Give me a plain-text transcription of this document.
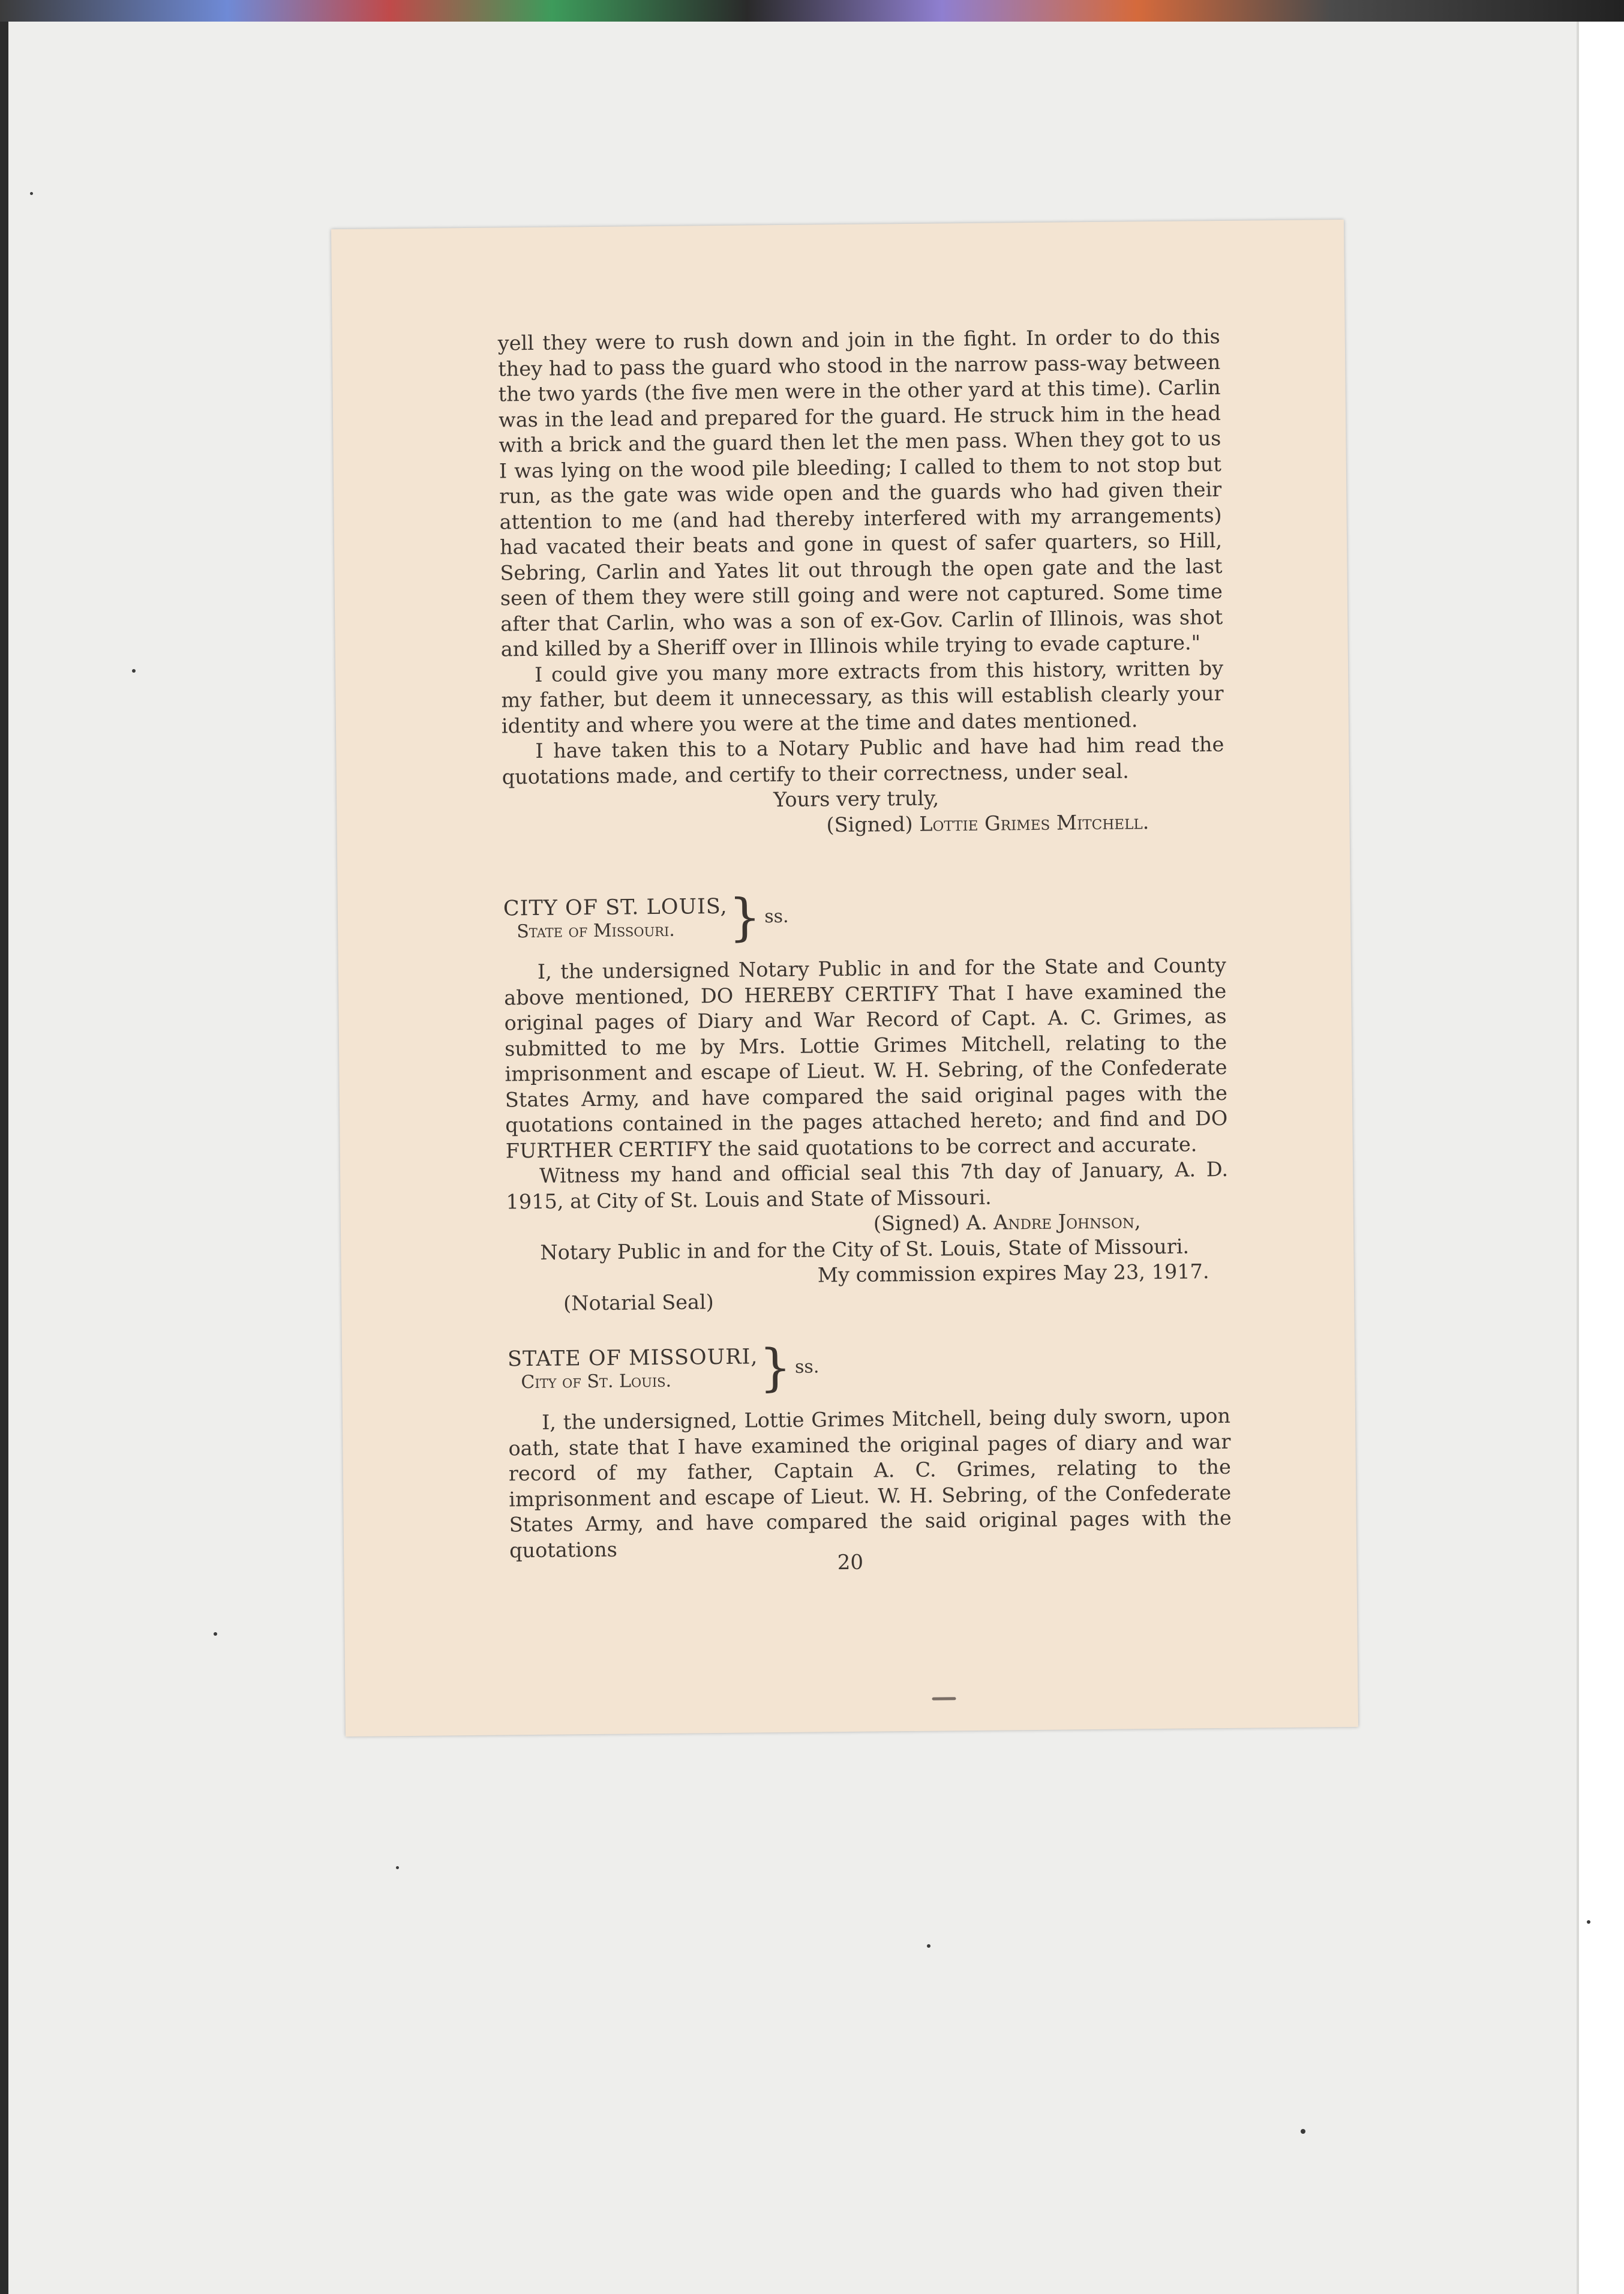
yell they were to rush down and join in the fight. In order to do this they had to pass the guard who stood in the narrow pass-way between the two yards (the five men were in the other yard at this time). Carlin was in the lead and prepared for the guard. He struck him in the head with a brick and the guard then let the men pass. When they got to us I was lying on the wood pile bleeding; I called to them to not stop but run, as the gate was wide open and the guards who had given their attention to me (and had thereby interfered with my arrangements) had vacated their beats and gone in quest of safer quarters, so Hill, Sebring, Carlin and Yates lit out through the open gate and the last seen of them they were still going and were not captured. Some time after that Carlin, who was a son of ex-Gov. Carlin of Illinois, was shot and killed by a Sheriff over in Illinois while trying to evade capture."

I could give you many more extracts from this history, written by my father, but deem it unnecessary, as this will establish clearly your identity and where you were at the time and dates mentioned.

I have taken this to a Notary Public and have had him read the quotations made, and certify to their correctness, under seal.

Yours very truly,
(Signed) Lottie Grimes Mitchell.
CITY OF ST. LOUIS,
State of Missouri.	} ss.

I, the undersigned Notary Public in and for the State and County above mentioned, DO HEREBY CERTIFY That I have examined the original pages of Diary and War Record of Capt. A. C. Grimes, as submitted to me by Mrs. Lottie Grimes Mitchell, relating to the imprisonment and escape of Lieut. W. H. Sebring, of the Confederate States Army, and have compared the said original pages with the quotations contained in the pages attached hereto; and find and DO FURTHER CERTIFY the said quotations to be correct and accurate.

Witness my hand and official seal this 7th day of January, A. D. 1915, at City of St. Louis and State of Missouri.

(Signed) A. Andre Johnson,
Notary Public in and for the City of St. Louis, State of Missouri.
My commission expires May 23, 1917.
(Notarial Seal)
STATE OF MISSOURI,
City of St. Louis.	} ss.

I, the undersigned, Lottie Grimes Mitchell, being duly sworn, upon oath, state that I have examined the original pages of diary and war record of my father, Captain A. C. Grimes, relating to the imprisonment and escape of Lieut. W. H. Sebring, of the Confederate States Army, and have compared the said original pages with the quotations

20
